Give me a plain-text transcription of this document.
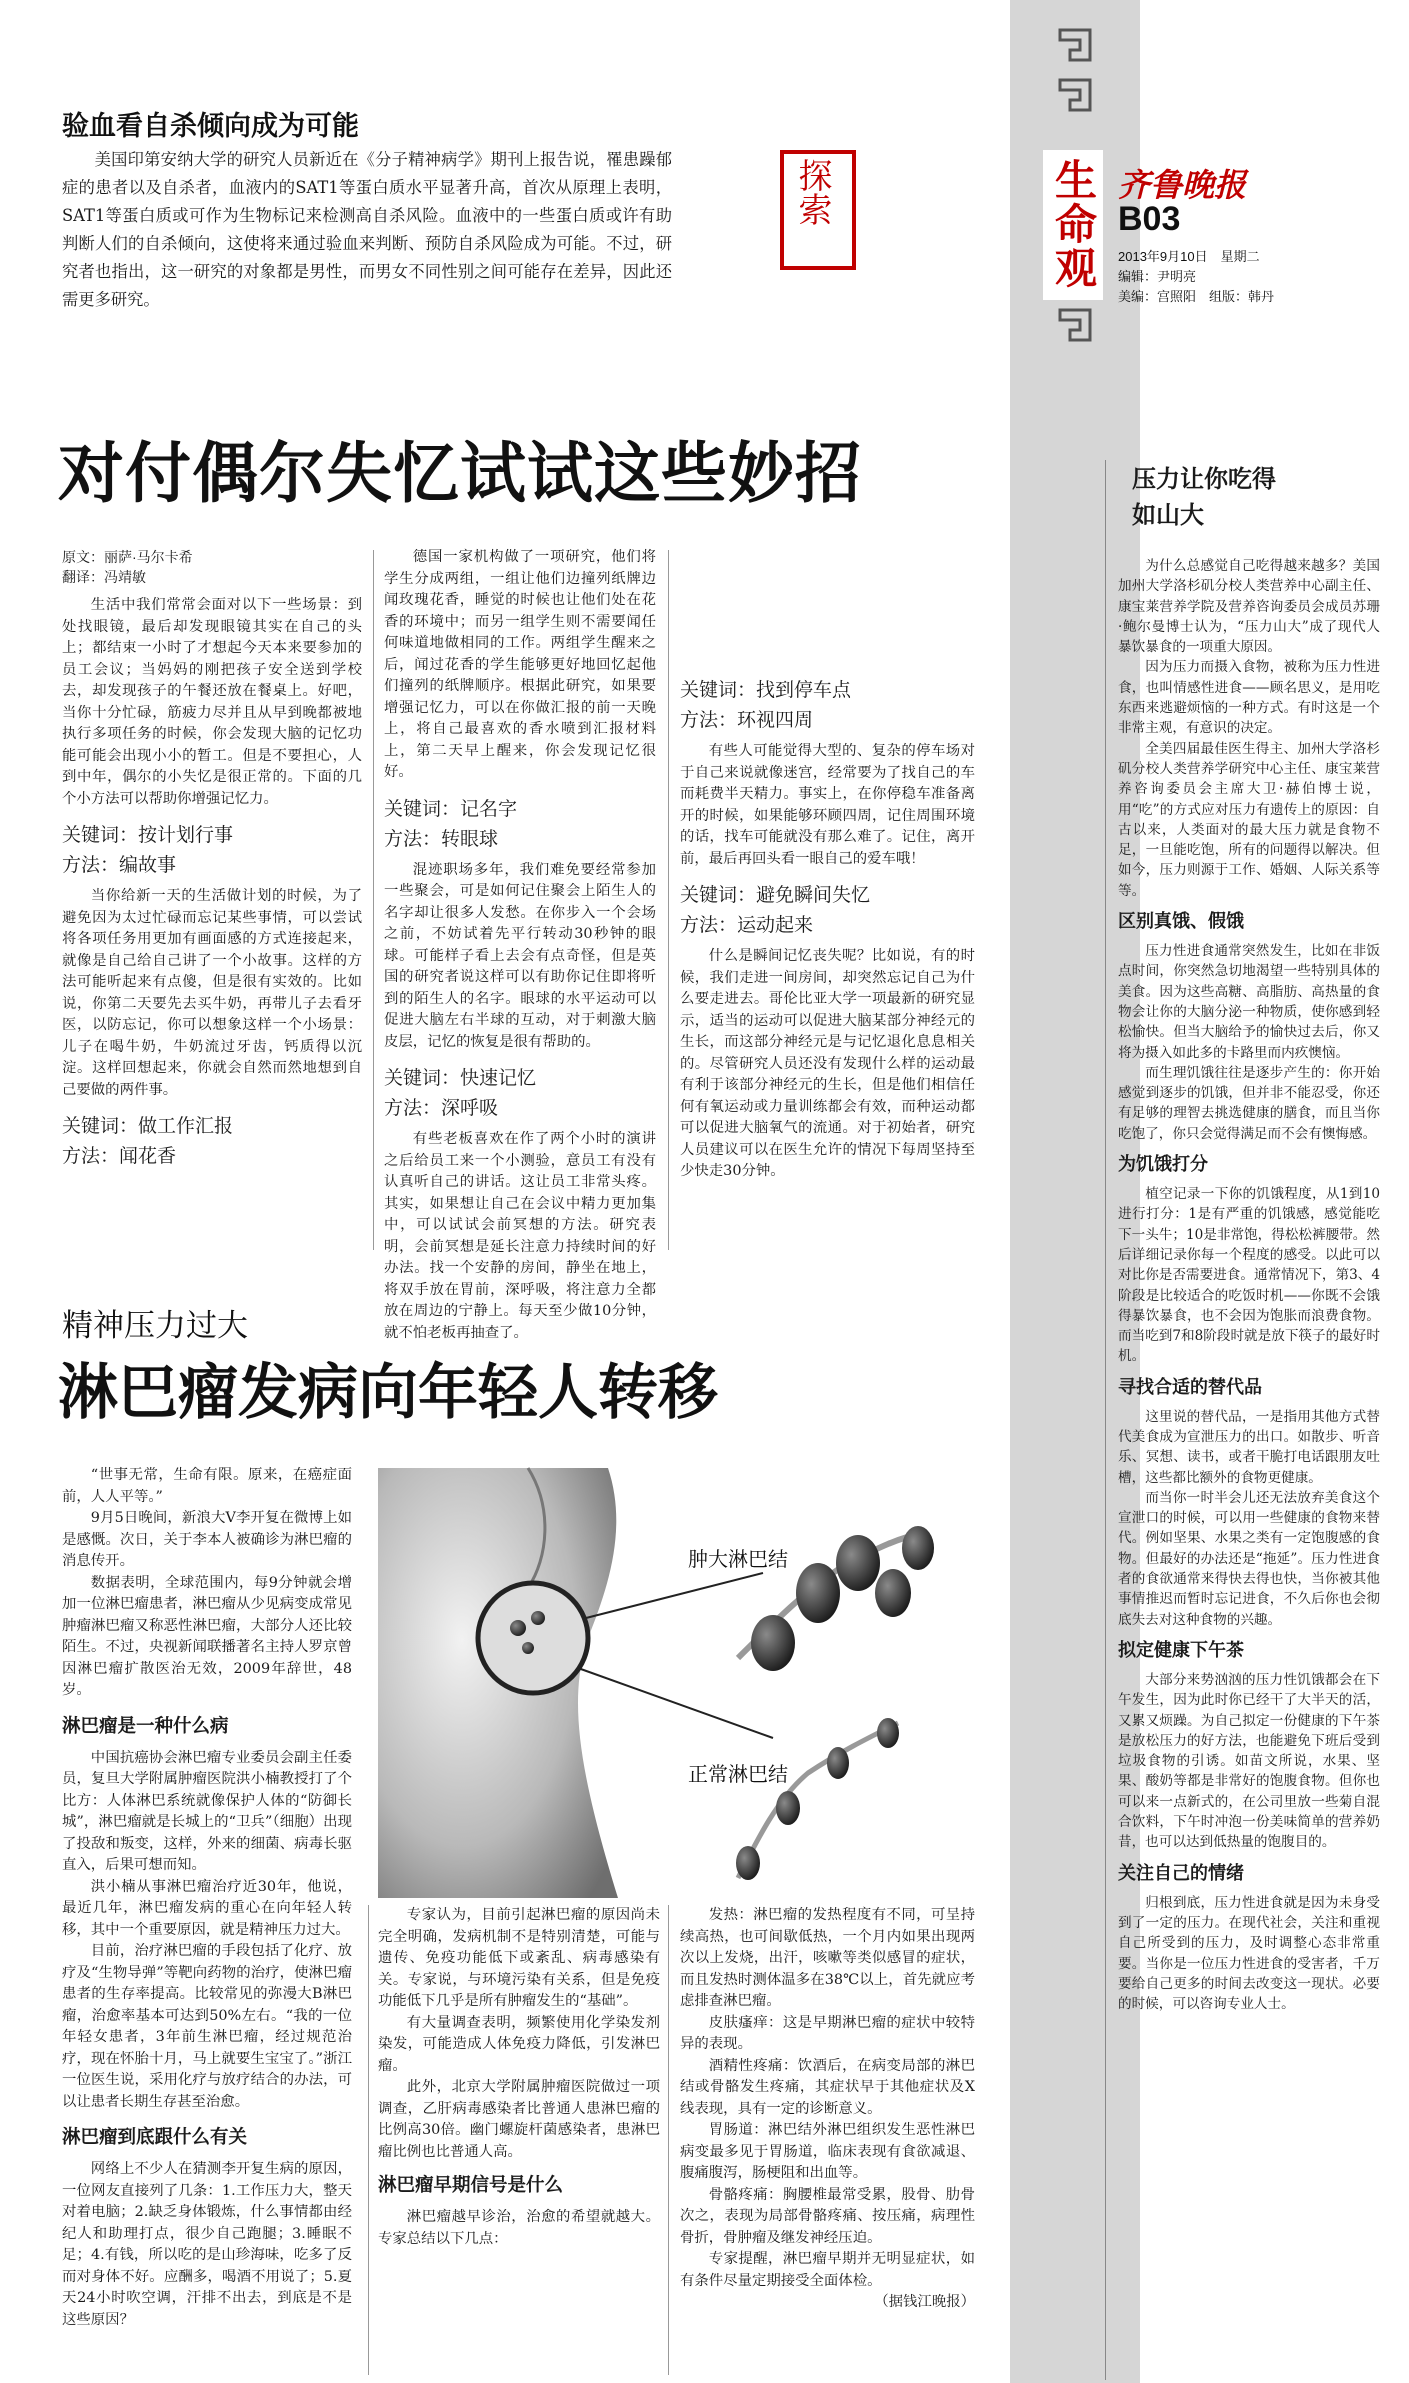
生命观 齐鲁晚报
B03
2013年9月10日　星期二
编辑：尹明亮
美编：宫照阳　组版：韩丹
验血看自杀倾向成为可能

美国印第安纳大学的研究人员新近在《分子精神病学》期刊上报告说，罹患躁郁症的患者以及自杀者，血液内的SAT1等蛋白质水平显著升高，首次从原理上表明，SAT1等蛋白质或可作为生物标记来检测高自杀风险。血液中的一些蛋白质或许有助判断人们的自杀倾向，这使将来通过验血来判断、预防自杀风险成为可能。不过，研究者也指出，这一研究的对象都是男性，而男女不同性别之间可能存在差异，因此还需更多研究。

探索
对付偶尔失忆试试这些妙招
原文：丽萨·马尔卡希
翻译：冯靖敏

生活中我们常常会面对以下一些场景：到处找眼镜，最后却发现眼镜其实在自己的头上；都结束一小时了才想起今天本来要参加的员工会议；当妈妈的刚把孩子安全送到学校去，却发现孩子的午餐还放在餐桌上。好吧，当你十分忙碌，筋疲力尽并且从早到晚都被地执行多项任务的时候，你会发现大脑的记忆功能可能会出现小小的暂工。但是不要担心，人到中年，偶尔的小失忆是很正常的。下面的几个小方法可以帮助你增强记忆力。

关键词：按计划行事
方法：编故事

当你给新一天的生活做计划的时候，为了避免因为太过忙碌而忘记某些事情，可以尝试将各项任务用更加有画面感的方式连接起来，就像是自己给自己讲了一个小故事。这样的方法可能听起来有点傻，但是很有实效的。比如说，你第二天要先去买牛奶，再带儿子去看牙医，以防忘记，你可以想象这样一个小场景：儿子在喝牛奶，牛奶流过牙齿，钙质得以沉淀。这样回想起来，你就会自然而然地想到自己要做的两件事。

关键词：做工作汇报
方法：闻花香

德国一家机构做了一项研究，他们将学生分成两组，一组让他们边撞列纸牌边闻玫瑰花香，睡觉的时候也让他们处在花香的环境中；而另一组学生则不需要闻任何味道地做相同的工作。两组学生醒来之后，闻过花香的学生能够更好地回忆起他们撞列的纸牌顺序。根据此研究，如果要增强记忆力，可以在你做汇报的前一天晚上，将自己最喜欢的香水喷到汇报材料上，第二天早上醒来，你会发现记忆很好。

关键词：记名字
方法：转眼球

混迹职场多年，我们难免要经常参加一些聚会，可是如何记住聚会上陌生人的名字却让很多人发愁。在你步入一个会场之前，不妨试着先平行转动30秒钟的眼球。可能样子看上去会有点奇怪，但是英国的研究者说这样可以有助你记住即将听到的陌生人的名字。眼球的水平运动可以促进大脑左右半球的互动，对于刺激大脑皮层，记忆的恢复是很有帮助的。

关键词：快速记忆
方法：深呼吸

有些老板喜欢在作了两个小时的演讲之后给员工来一个小测验，意员工有没有认真听自己的讲话。这让员工非常头疼。其实，如果想让自己在会议中精力更加集中，可以试试会前冥想的方法。研究表明，会前冥想是延长注意力持续时间的好办法。找一个安静的房间，静坐在地上，将双手放在胃前，深呼吸，将注意力全都放在周边的宁静上。每天至少做10分钟，就不怕老板再抽查了。

关键词：找到停车点
方法：环视四周

有些人可能觉得大型的、复杂的停车场对于自己来说就像迷宫，经常要为了找自己的车而耗费半天精力。事实上，在你停稳车准备离开的时候，如果能够环顾四周，记住周围环境的话，找车可能就没有那么难了。记住，离开前，最后再回头看一眼自己的爱车哦！

关键词：避免瞬间失忆
方法：运动起来

什么是瞬间记忆丧失呢？比如说，有的时候，我们走进一间房间，却突然忘记自己为什么要走进去。哥伦比亚大学一项最新的研究显示，适当的运动可以促进大脑某部分神经元的生长，而这部分神经元是与记忆退化息息相关的。尽管研究人员还没有发现什么样的运动最有利于该部分神经元的生长，但是他们相信任何有氧运动或力量训练都会有效，而种运动都可以促进大脑氧气的流通。对于初始者，研究人员建议可以在医生允许的情况下每周坚持至少快走30分钟。

精神压力过大
淋巴瘤发病向年轻人转移

“世事无常，生命有限。原来，在癌症面前，人人平等。”

9月5日晚间，新浪大V李开复在微博上如是感慨。次日，关于李本人被确诊为淋巴瘤的消息传开。

数据表明，全球范围内，每9分钟就会增加一位淋巴瘤患者，淋巴瘤从少见病变成常见肿瘤淋巴瘤又称恶性淋巴瘤，大部分人还比较陌生。不过，央视新闻联播著名主持人罗京曾因淋巴瘤扩散医治无效，2009年辞世，48岁。

淋巴瘤是一种什么病

中国抗癌协会淋巴瘤专业委员会副主任委员，复旦大学附属肿瘤医院洪小楠教授打了个比方：人体淋巴系统就像保护人体的“防御长城”，淋巴瘤就是长城上的“卫兵”（细胞）出现了投敌和叛变，这样，外来的细菌、病毒长驱直入，后果可想而知。

洪小楠从事淋巴瘤治疗近30年，他说，最近几年，淋巴瘤发病的重心在向年轻人转移，其中一个重要原因，就是精神压力过大。

目前，治疗淋巴瘤的手段包括了化疗、放疗及“生物导弹”等靶向药物的治疗，使淋巴瘤患者的生存率提高。比较常见的弥漫大B淋巴瘤，治愈率基本可达到50%左右。“我的一位年轻女患者，3年前生淋巴瘤，经过规范治疗，现在怀胎十月，马上就要生宝宝了。”浙江一位医生说，采用化疗与放疗结合的办法，可以让患者长期生存甚至治愈。

淋巴瘤到底跟什么有关

网络上不少人在猜测李开复生病的原因，一位网友直接列了几条：1.工作压力大，整天对着电脑；2.缺乏身体锻炼，什么事情都由经纪人和助理打点，很少自己跑腿；3.睡眠不足；4.有钱，所以吃的是山珍海味，吃多了反而对身体不好。应酬多，喝酒不用说了；5.夏天24小时吹空调，汗排不出去，到底是不是这些原因？

肿大淋巴结
正常淋巴结

专家认为，目前引起淋巴瘤的原因尚未完全明确，发病机制不是特别清楚，可能与遗传、免疫功能低下或紊乱、病毒感染有关。专家说，与环境污染有关系，但是免疫功能低下几乎是所有肿瘤发生的“基础”。

有大量调查表明，频繁使用化学染发剂染发，可能造成人体免疫力降低，引发淋巴瘤。

此外，北京大学附属肿瘤医院做过一项调查，乙肝病毒感染者比普通人患淋巴瘤的比例高30倍。幽门螺旋杆菌感染者，患淋巴瘤比例也比普通人高。

淋巴瘤早期信号是什么

淋巴瘤越早诊治，治愈的希望就越大。专家总结以下几点：

发热：淋巴瘤的发热程度有不同，可呈持续高热，也可间歇低热，一个月内如果出现两次以上发烧，出汗，咳嗽等类似感冒的症状，而且发热时测体温多在38℃以上，首先就应考虑排查淋巴瘤。

皮肤瘙痒：这是早期淋巴瘤的症状中较特异的表现。

酒精性疼痛：饮酒后，在病变局部的淋巴结或骨骼发生疼痛，其症状早于其他症状及X线表现，具有一定的诊断意义。

胃肠道：淋巴结外淋巴组织发生恶性淋巴病变最多见于胃肠道，临床表现有食欲减退、腹痛腹泻，肠梗阻和出血等。

骨骼疼痛：胸腰椎最常受累，股骨、肋骨次之，表现为局部骨骼疼痛、按压痛，病理性骨折，骨肿瘤及继发神经压迫。

专家提醒，淋巴瘤早期并无明显症状，如有条件尽量定期接受全面体检。

（据钱江晚报）
压力让你吃得
如山大

为什么总感觉自己吃得越来越多？美国加州大学洛杉矶分校人类营养中心副主任、康宝莱营养学院及营养咨询委员会成员苏珊·鲍尔曼博士认为，“压力山大”成了现代人暴饮暴食的一项重大原因。

因为压力而摄入食物，被称为压力性进食，也叫情感性进食——顾名思义，是用吃东西来逃避烦恼的一种方式。有时这是一个非常主观，有意识的决定。

全美四届最佳医生得主、加州大学洛杉矶分校人类营养学研究中心主任、康宝莱营养咨询委员会主席大卫·赫伯博士说，用“吃”的方式应对压力有遗传上的原因：自古以来，人类面对的最大压力就是食物不足，一旦能吃饱，所有的问题得以解决。但如今，压力则源于工作、婚姻、人际关系等等。

区别真饿、假饿

压力性进食通常突然发生，比如在非饭点时间，你突然急切地渴望一些特别具体的美食。因为这些高糖、高脂肪、高热量的食物会让你的大脑分泌一种物质，使你感到轻松愉快。但当大脑给予的愉快过去后，你又将为摄入如此多的卡路里而内疚懊恼。

而生理饥饿往往是逐步产生的：你开始感觉到逐步的饥饿，但并非不能忍受，你还有足够的理智去挑选健康的膳食，而且当你吃饱了，你只会觉得满足而不会有懊悔感。

为饥饿打分

植空记录一下你的饥饿程度，从1到10进行打分：1是有严重的饥饿感，感觉能吃下一头牛；10是非常饱，得松松裤腰带。然后详细记录你每一个程度的感受。以此可以对比你是否需要进食。通常情况下，第3、4阶段是比较适合的吃饭时机——你既不会饿得暴饮暴食，也不会因为饱胀而浪费食物。而当吃到7和8阶段时就是放下筷子的最好时机。

寻找合适的替代品

这里说的替代品，一是指用其他方式替代美食成为宣泄压力的出口。如散步、听音乐、冥想、读书，或者干脆打电话跟朋友吐槽，这些都比额外的食物更健康。

而当你一时半会儿还无法放弃美食这个宣泄口的时候，可以用一些健康的食物来替代。例如坚果、水果之类有一定饱腹感的食物。但最好的办法还是“拖延”。压力性进食者的食欲通常来得快去得也快，当你被其他事情推迟而暂时忘记进食，不久后你也会彻底失去对这种食物的兴趣。

拟定健康下午茶

大部分来势汹汹的压力性饥饿都会在下午发生，因为此时你已经干了大半天的活，又累又烦躁。为自己拟定一份健康的下午茶是放松压力的好方法，也能避免下班后受到垃圾食物的引诱。如苗文所说，水果、坚果、酸奶等都是非常好的饱腹食物。但你也可以来一点新式的，在公司里放一些菊自混合饮料，下午时冲泡一份美味简单的营养奶昔，也可以达到低热量的饱腹目的。

关注自己的情绪

归根到底，压力性进食就是因为未身受到了一定的压力。在现代社会，关注和重视自己所受到的压力，及时调整心态非常重要。当你是一位压力性进食的受害者，千万要给自己更多的时间去改变这一现状。必要的时候，可以咨询专业人士。
